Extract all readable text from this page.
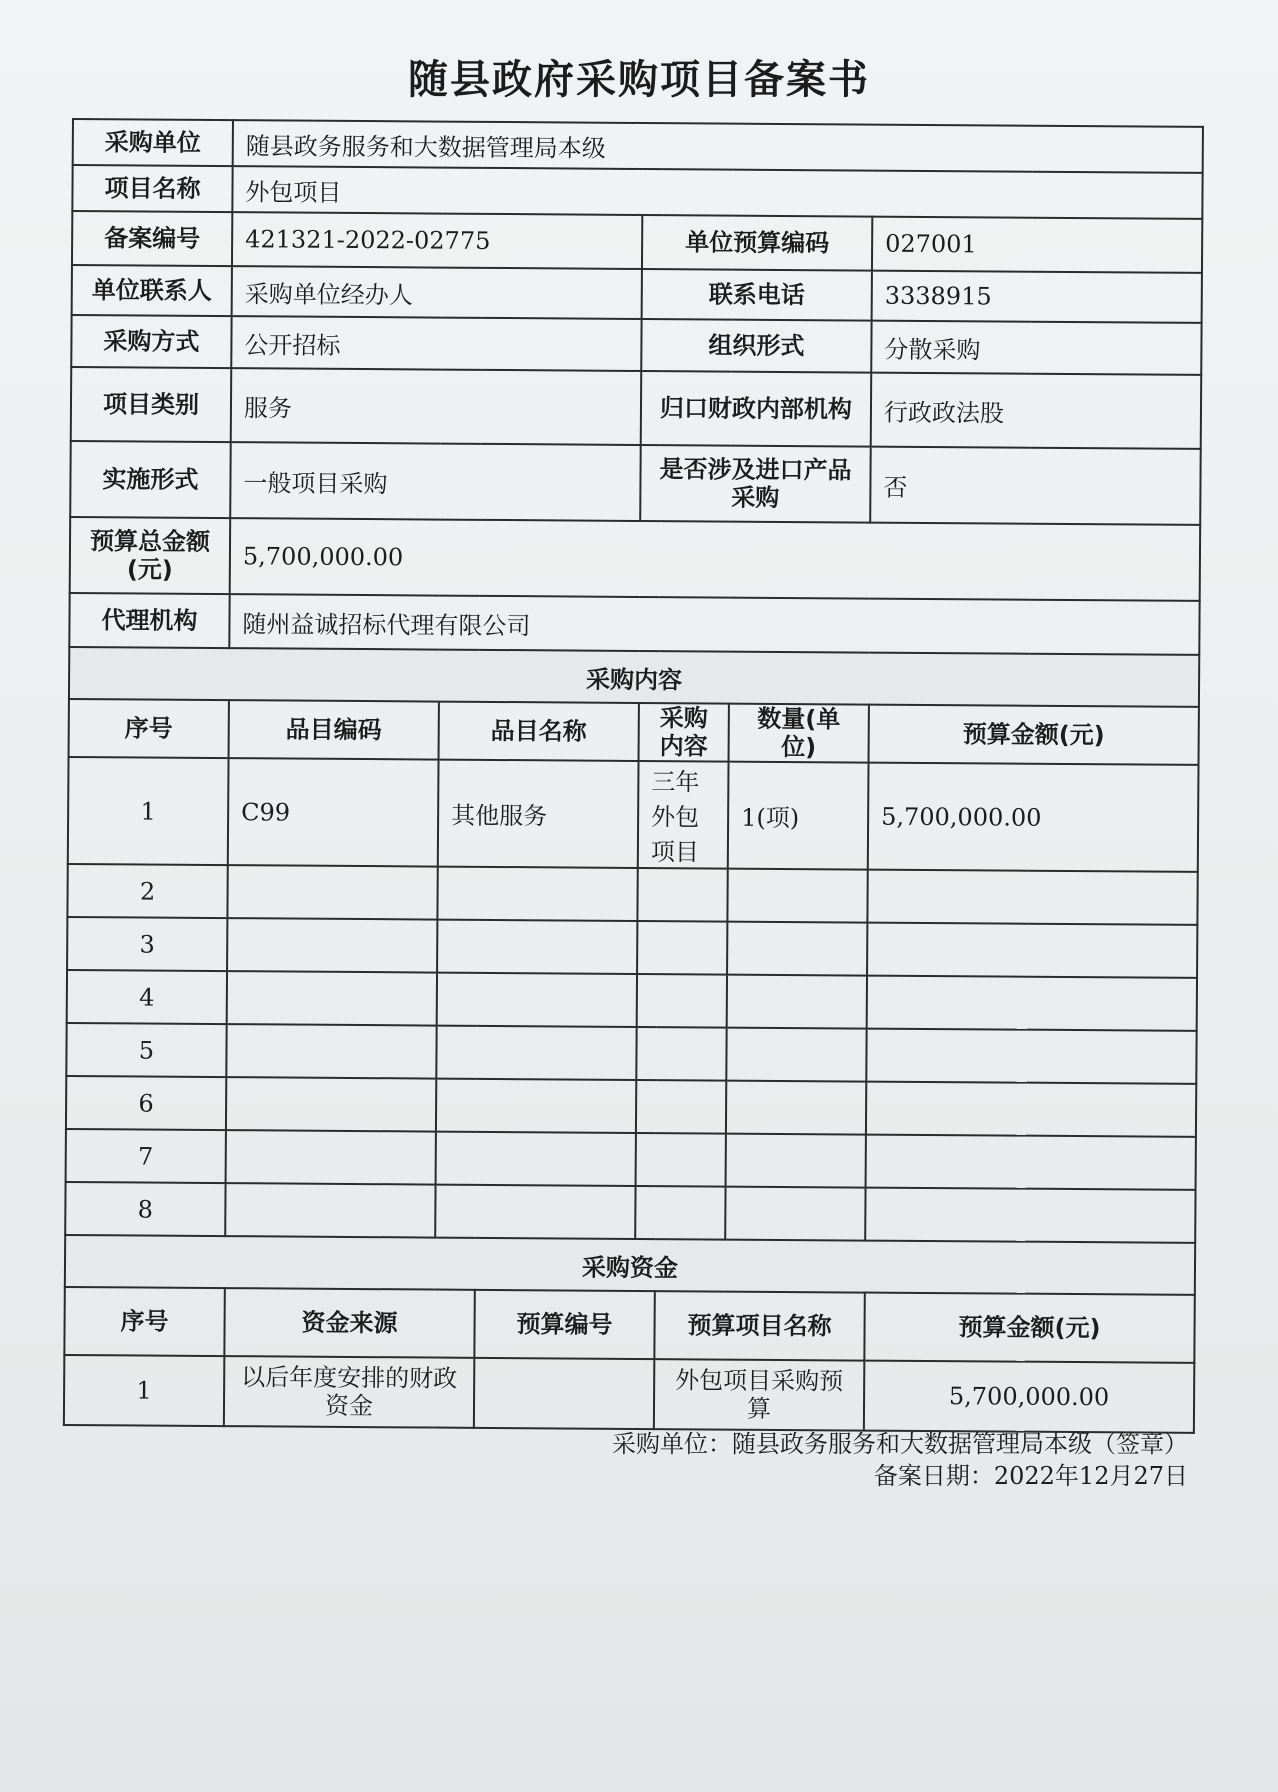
随县政府采购项目备案书
采购单位	随县政务服务和大数据管理局本级						
项目名称	外包项目						
备案编号	421321-2022-02775			单位预算编码			027001
单位联系人	采购单位经办人			联系电话			3338915
采购方式	公开招标			组织形式			分散采购
项目类别	服务			归口财政内部机构			行政政法股
实施形式	一般项目采购			是否涉及进口产品采购			否
预算总金额(元)	5,700,000.00						
代理机构	随州益诚招标代理有限公司						
采购内容							
序号	品目编码	品目名称		采购内容		数量(单位)	预算金额(元)
1	C99	其他服务		三年外包项目		1(项)	5,700,000.00
2							
3							
4							
5							
6							
7							
8							
采购资金							
序号	资金来源		预算编号		预算项目名称		预算金额(元)
1	以后年度安排的财政资金				外包项目采购预算		5,700,000.00
采购单位：随县政务服务和大数据管理局本级（签章）
备案日期：2022年12月27日
